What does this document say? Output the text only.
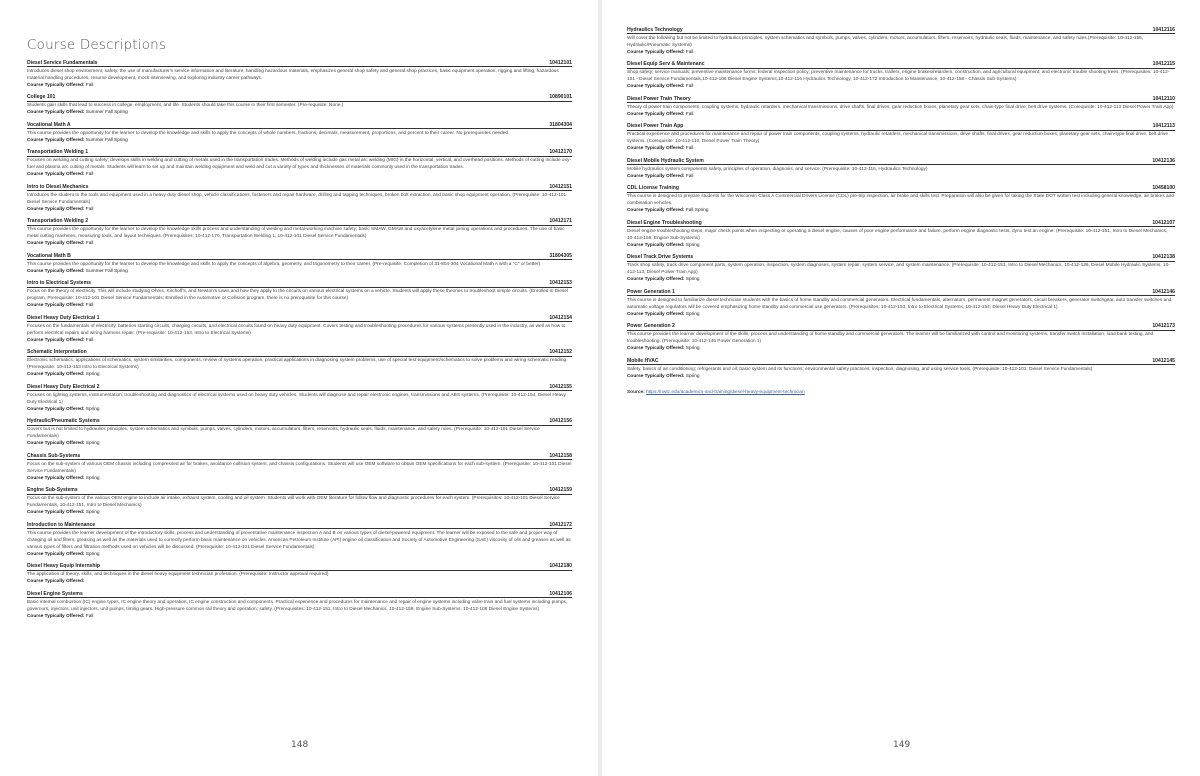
Course Descriptions
Diesel Service Fundamentals	10412101
Introduces diesel shop environment, safety, the use of manufacturer's service information and literature, handling hazardous materials, emphasizes general shop safety and general shop practices, basic equipment operation, rigging and lifting, hazardous material handling procedures, resume development, mock interviewing, and exploring industry career pathways.
Course Typically Offered: Fall
College 101	10890101
Students gain skills that lead to success in college, employment, and life. Students should take this course in their first semester. (Pre-requisite: None.)
Course Typically Offered: Summer Fall Spring
Vocational Math A	31804304
This course provides the opportunity for the learner to develop the knowledge and skills to apply the concepts of whole numbers, fractions, decimals, measurement, proportions, and percent to their career. No prerequisites needed.
Course Typically Offered: Summer Fall Spring
Transportation Welding 1	10412170
Focuses on welding and cutting safety; develops skills in welding and cutting of metals used in the transportation trades. Methods of welding include gas metal arc welding (MIG) in the horizontal, vertical, and overhead positions. Methods of cutting include oxy-fuel and plasma arc cutting of metals. Students will learn to set up and maintain welding equipment and weld and cut a variety of types and thicknesses of materials commonly used in the transportation trades.
Course Typically Offered: Fall
Intro to Diesel Mechanics	10412151
Introduces the student to the tools and equipment used in a heavy duty diesel shop, vehicle classifications, fasteners and repair hardware, drilling and tapping techniques, broken bolt extraction, and basic shop equipment operation. (Prerequisite: 10-412-101 Diesel Service Fundamentals)
Course Typically Offered: Fall
Transportation Welding 2	10412171
This course provides the opportunity for the learner to develop the knowledge skills process and understanding of welding and metal-working machine safety; basic SMAW, GMAW and oxyacetylene metal joining operations and procedures. The use of basic metal cutting machines, measuring tools, and layout techniques. (Prerequisites: 10-412-170, Transportation Welding 1, 10-412-101 Diesel Service Fundamentals)
Course Typically Offered: Fall
Vocational Math B	31804305
This course provides the opportunity for the learner to develop the knowledge and skills to apply the concepts of algebra, geometry, and trigonometry to their career. (Pre-requisite: Completion of 31-804-304 Vocational Math A with a "C" or better)
Course Typically Offered: Summer Fall Spring
Intro to Electrical Systems	10412153
Focus on the theory of electricity. This will include studying Ohms, Kirchoff's, and Newton's Laws and how they apply to the circuits on various electrical systems on a vehicle. Students will apply these theories to troubleshoot simple circuits. (Enrolled in Diesel program, Prerequisite: 10-412-101 Diesel Service Fundamentals; Enrolled in the Automotive or Collision program, there is no prerequisite for this course)
Course Typically Offered: Fall
Diesel Heavy Duty Electrical 1	10412154
Focuses on the fundamentals of electricity, batteries starting circuits, charging circuits, and electrical circuits found on heavy duty equipment. Covers testing and troubleshooting procedures for various systems presently used in the industry, as well as how to perform electrical repairs and wiring harness repair. (Pre-requisite: 10-412-153, Intro to Electrical Systems)
Course Typically Offered: Fall
Schematic Interpretation	10412152
Electronic schematics, applications of schematics, system similarities, components, review of systems operation, practical applications in diagnosing system problems, use of special test equipment/schematics to solve problems and wiring schematic reading. (Prerequisite: 10-412-153 Intro to Electrical Systems)
Course Typically Offered: Spring
Diesel Heavy Duty Electrical 2	10412155
Focuses on lighting systems, instrumentation, troubleshooting and diagnostics of electrical systems used on heavy duty vehicles. Students will diagnose and repair electronic engines, transmissions and ABS systems. (Prerequisite: 10-412-154, Diesel Heavy Duty Electrical 1)
Course Typically Offered: Spring
Hydraulic/Pneumatic Systems	10412156
Covers but is not limited to hydraulics principles, system schematics and symbols, pumps, valves, cylinders, motors, accumulators, filters, reservoirs, hydraulic seals, fluids, maintenance, and safety rules. (Prerequisite: 10-412-101 Diesel Service Fundamentals)
Course Typically Offered: Spring
Chassis Sub-Systems	10412158
Focus on the sub-system of various OEM chassis including compressed air for brakes, avoidance collision system, and chassis configurations. Students will use OEM software to obtain OEM specifications for each sub-system. (Prerequisite: 10-412-101 Diesel Service Fundamentals)
Course Typically Offered: Spring
Engine Sub-Systems	10412159
Focus on the sub-system of the various OEM engine to include air intake, exhaust system, cooling and oil system. Students will work with OEM literature for follow flow and diagnostic procedures for each system. (Prerequisites: 10-412-101 Diesel Service Fundamentals, 10-412-151, Intro to Diesel Mechanics)
Course Typically Offered: Spring
Introduction to Maintenance	10412172
This course provides the learner development of the introductory skills, process and understanding of preventative maintenance inspection A and B on various types of diesel-powered equipment. The learner will be exposed to the safe and proper way of changing oil and filters, greasing as well as the materials used to correctly perform basic maintenance on vehicles. American Petroleum Institute (API) engine oil classification and Society of Automotive Engineering (SAE) viscosity of oils and greases as well as various types of filters and filtration methods used on vehicles will be discussed. (Prerequisite: 10-412-101 Diesel Service Fundamentals)
Course Typically Offered: Spring
Diesel Heavy Equip Internship	10412180
The application of theory, skills, and techniques in the diesel heavy equipment technician profession. (Prerequisite: Instructor approval required)
Course Typically Offered:
Diesel Engine Systems	10412106
Basic internal combustion (IC) engine types, IC engine theory and operation, IC engine construction and components. Practical experience and procedures for maintenance and repair of engine systems including valve train and fuel systems including pumps, governors, injectors, unit injectors, unit pumps, timing gears. High-pressure common rail theory and operation; safety. (Prerequisites: 10-412-151, Intro to Diesel Mechanics, 10-412-159, Engine Sub-Systems, 10-412-106 Diesel Engine Systems)
Course Typically Offered: Fall
148
Hydraulics Technology	10412116
Will cover the following but not be limited to hydraulics principles, system schematics and symbols, pumps, valves, cylinders, motors, accumulators, filters, reservoirs, hydraulic seals, fluids, maintenance, and safety rules.(Prerequisite: 10-412-156, Hydraulic/Pneumatic Systems)
Course Typically Offered: Fall
Diesel Equip Serv & Maintenanc	10412115
Shop safety; service manuals; preventive maintenance forms; federal inspection policy; preventive maintenance for trucks, trailers, engine brakes/retarders, construction, and agricultural equipment; and electronic trouble shooting trees. (Prerequisites: 10-412-101 - Diesel Service Fundamentals,10-412-106 Diesel Engine Systems,10-412-116 Hydraulics Technology, 10-412-172 Introduction to Maintenance, 10-412-158 - Chassis Sub-Systems)
Course Typically Offered: Fall
Diesel Power Train Theory	10412110
Theory of power train components, coupling systems, hydraulic retarders, mechanical transmissions, drive shafts, final drives, gear reduction boxes, planetary gear sets, chain-type final drive; belt drive systems. (Corequisite: 10-412-113 Diesel Power Train App)
Course Typically Offered: Fall
Diesel Power Train App	10412113
Practical experience and procedures for maintenance and repair of power train components, coupling systems, hydraulic retarders, mechanical transmissions, drive shafts, final drives, gear reduction boxes, planetary gear sets, chain-type final drive, belt drive systems. (Corequisite: 10-412-110, Diesel Power Train Theory)
Course Typically Offered: Fall
Diesel Mobile Hydraulic System	10412136
Mobile hydraulics system components safety, principles of operation, diagnosis, and service. (Prerequisite: 10-412-116, Hydraulics Technology)
Course Typically Offered: Fall
CDL License Training	10458100
This course is designed to prepare students for the Wisconsin Class A Commercial Drivers License (CDL) pre-trip inspection, air brake and skills test. Preparation will also be given for taking the State DOT written test including general knowledge, air brakes and combination vehicles.
Course Typically Offered: Fall Spring
Diesel Engine Troubleshooting	10412107
Diesel engine troubleshooting steps, major check points when inspecting or operating a diesel engine, causes of poor engine performance and failure, perform engine diagnostic tests, dyno test an engine. (Prerequisite: 10-412-151, Intro to Diesel Mechanics, 10-412-159, Engine Sub-Systems)
Course Typically Offered: Spring
Diesel Track Drive Systems	10412138
Track shop safety, track drive component parts, system operation, inspection, system diagnoses, system repair, system service, and system maintenance. (Prerequisite: 10-412-151, Intro to Diesel Mechanics, 10-412-136, Diesel Mobile Hydraulic Systems, 10-412-113, Diesel Power Train App)
Course Typically Offered: Spring
Power Generation 1	10412146
This course is designed to familiarize diesel technician students with the basics of home standby and commercial generators. Electrical fundamentals, alternators, permanent magnet generators, circuit breakers, generator switchgear, auto transfer switches and automatic voltage regulators will be covered emphasizing home standby and commercial use generators. (Prerequisites: 10-412-153, Intro to Electrical Systems, 10-412-154, Diesel Heavy Duty Electrical 1)
Course Typically Offered: Spring
Power Generation 2	10412173
This course provides the learner development of the skills, process and understanding of home standby and commercial generators. The learner will be familiarized with control and monitoring systems, transfer switch installation, load bank testing, and troubleshooting. (Prerequisite: 10-412-146 Power Generation 1)
Course Typically Offered: Spring
Mobile HVAC	10412145
Safety, basics of air conditioning; refrigerants and oil; basic system and its functions; environmental safety practices; inspection, diagnosing, and using service tools. (Prerequisite: 10-412-101, Diesel Service Fundamentals)
Course Typically Offered: Spring
Source: https://nwtc.edu/academics-and-training/diesel-heavy-equipment-technician
149
